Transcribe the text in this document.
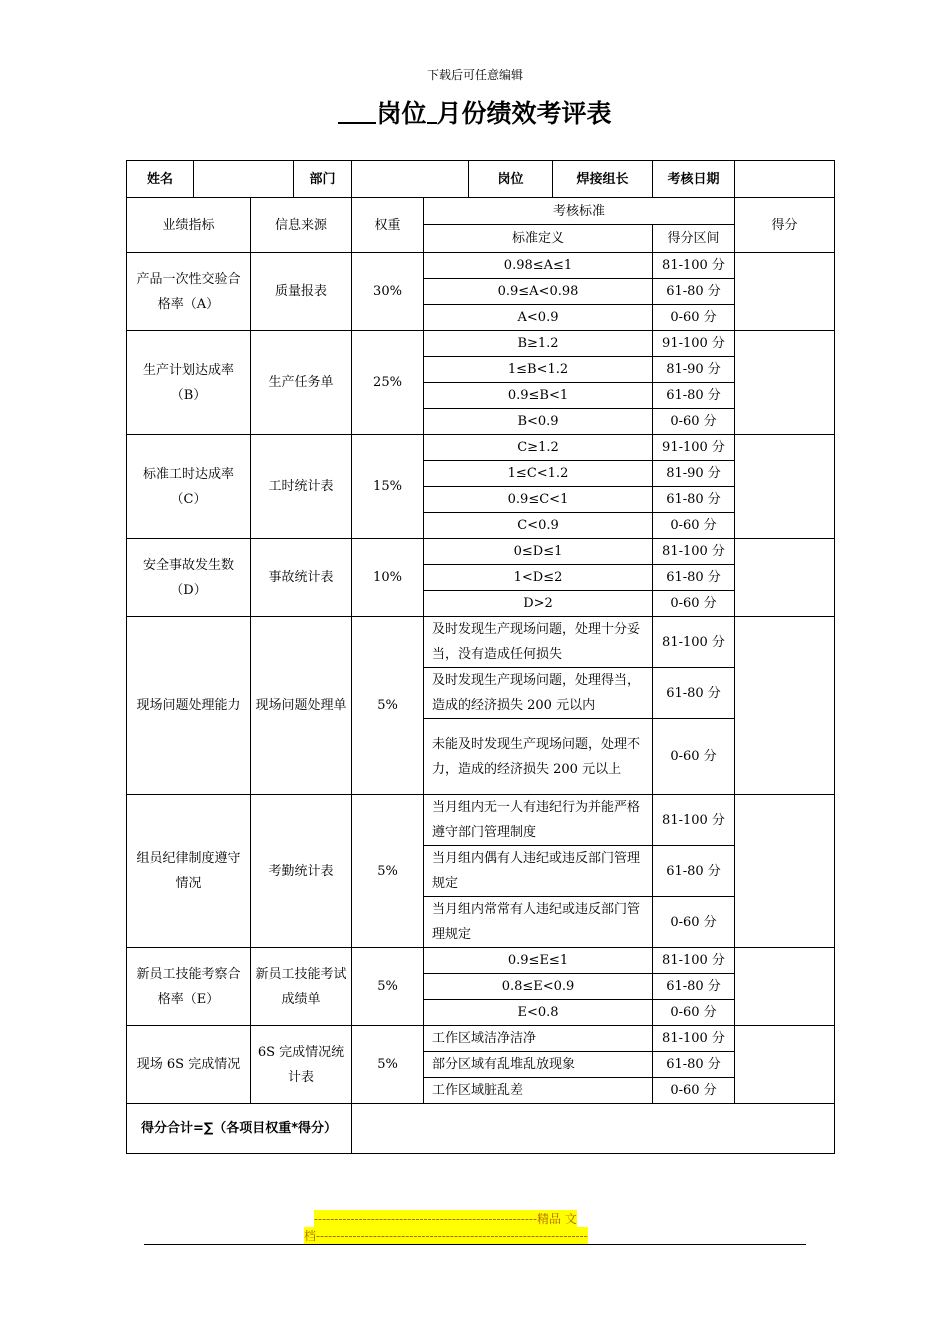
下载后可任意编辑
岗位 月份绩效考评表
姓名			部门			岗位	焊接组长	考核日期	
业绩指标		信息来源		权重	考核标准				得分
					标准定义			得分区间	
产品一次性交验合格率（A）		质量报表		30%	0.98≤A≤1			81-100 分	
					0.9≤A<0.98			61-80 分	
					A<0.9			0-60 分	
生产计划达成率（B）		生产任务单		25%	B≥1.2			91-100 分	
					1≤B<1.2			81-90 分	
					0.9≤B<1			61-80 分	
					B<0.9			0-60 分	
标准工时达成率（C）		工时统计表		15%	C≥1.2			91-100 分	
					1≤C<1.2			81-90 分	
					0.9≤C<1			61-80 分	
					C<0.9			0-60 分	
安全事故发生数（D）		事故统计表		10%	0≤D≤1			81-100 分	
					1<D≤2			61-80 分	
					D>2			0-60 分	
现场问题处理能力		现场问题处理单		5%	及时发现生产现场问题，处理十分妥当，没有造成任何损失			81-100 分	
					及时发现生产现场问题，处理得当，造成的经济损失 200 元以内			61-80 分	
					未能及时发现生产现场问题，处理不力，造成的经济损失 200 元以上			0-60 分	
组员纪律制度遵守情况		考勤统计表		5%	当月组内无一人有违纪行为并能严格遵守部门管理制度			81-100 分	
					当月组内偶有人违纪或违反部门管理规定			61-80 分	
					当月组内常常有人违纪或违反部门管理规定			0-60 分	
新员工技能考察合格率（E）		新员工技能考试成绩单		5%	0.9≤E≤1			81-100 分	
					0.8≤E<0.9			61-80 分	
					E<0.8			0-60 分	
现场 6S 完成情况		6S 完成情况统计表		5%	工作区域洁净洁净			81-100 分	
					部分区域有乱堆乱放现象			61-80 分	
					工作区域脏乱差			0-60 分	
得分合计=∑（各项目权重*得分）									
-------------------------------------------------------精品 文
档-------------------------------------------------------------------
